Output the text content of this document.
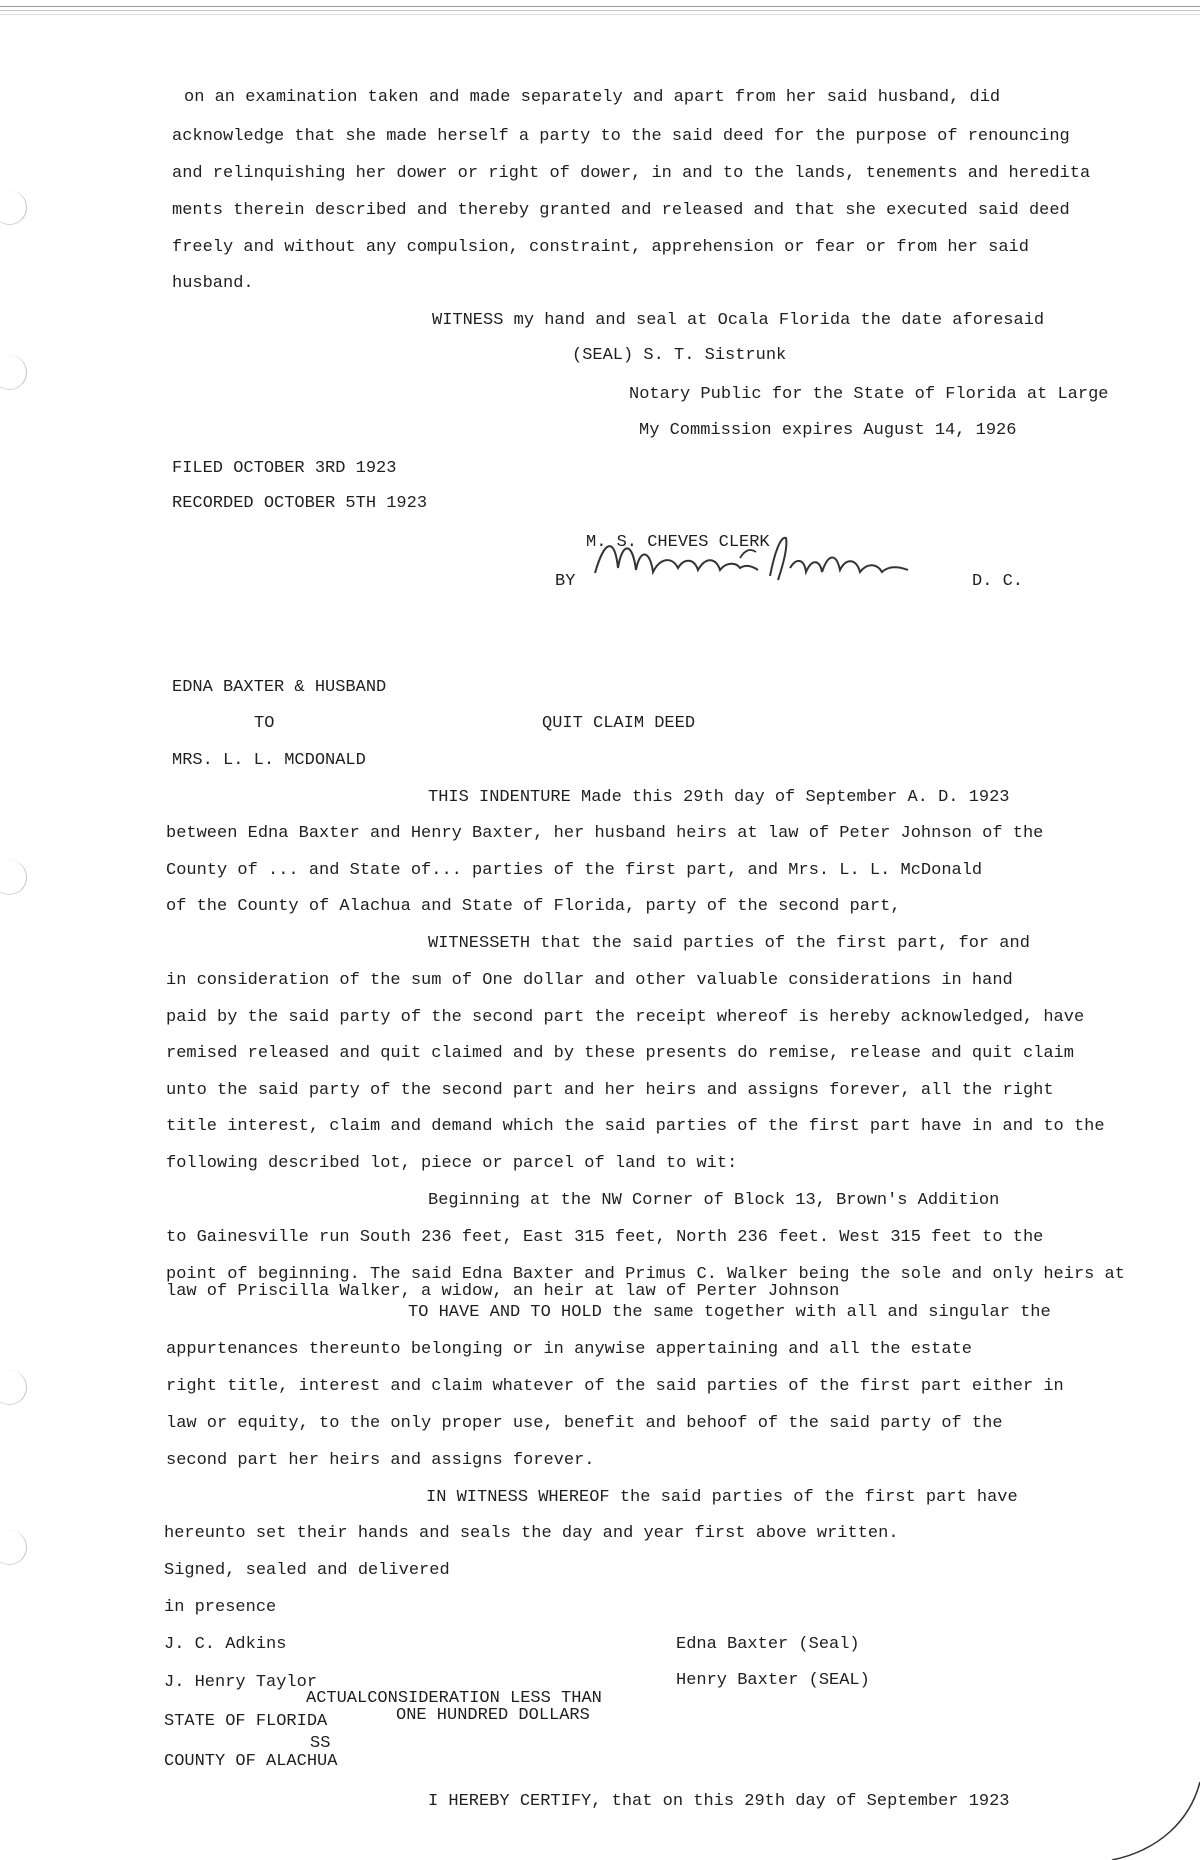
on an examination taken and made separately and apart from her said husband, did
acknowledge that she made herself a party to the said deed for the purpose of renouncing
and relinquishing her dower or right of dower, in and to the lands, tenements and heredita
ments therein described and thereby granted and released and that she executed said deed
freely and without any compulsion, constraint, apprehension or fear or from her said
husband.
WITNESS my hand and seal at Ocala Florida the date aforesaid
(SEAL) S. T. Sistrunk
Notary Public for the State of Florida at Large
My Commission expires August 14, 1926
FILED OCTOBER 3RD 1923
RECORDED OCTOBER 5TH 1923
M. S. CHEVES CLERK
BY	D. C.
EDNA BAXTER & HUSBAND
TO	QUIT CLAIM DEED
MRS. L. L. MCDONALD
THIS INDENTURE Made this 29th day of September A. D. 1923
between Edna Baxter and Henry Baxter, her husband heirs at law of Peter Johnson of the
County of ... and State of... parties of the first part, and Mrs. L. L. McDonald
of the County of Alachua and State of Florida, party of the second part,
WITNESSETH that the said parties of the first part, for and
in consideration of the sum of One dollar and other valuable considerations in hand
paid by the said party of the second part the receipt whereof is hereby acknowledged, have
remised released and quit claimed and by these presents do remise, release and quit claim
unto the said party of the second part and her heirs and assigns forever, all the right
title interest, claim and demand which the said parties of the first part have in and to the
following described lot, piece or parcel of land to wit:
Beginning at the NW Corner of Block 13, Brown's Addition
to Gainesville run South 236 feet, East 315 feet, North 236 feet. West 315 feet to the
point of beginning. The said Edna Baxter and Primus C. Walker being the sole and only heirs at
law of Priscilla Walker, a widow, an heir at law of Perter Johnson
TO HAVE AND TO HOLD the same together with all and singular the
appurtenances thereunto belonging or in anywise appertaining and all the estate
right title, interest and claim whatever of the said parties of the first part either in
law or equity, to the only proper use, benefit and behoof of the said party of the
second part her heirs and assigns forever.
IN WITNESS WHEREOF the said parties of the first part have
hereunto set their hands and seals the day and year first above written.
Signed, sealed and delivered
in presence
J. C. Adkins	Edna Baxter (Seal)
J. Henry Taylor	Henry Baxter (SEAL)
ACTUALCONSIDERATION LESS THAN
ONE HUNDRED DOLLARS
STATE OF FLORIDA
SS
COUNTY OF ALACHUA
I HEREBY CERTIFY, that on this 29th day of September 1923
